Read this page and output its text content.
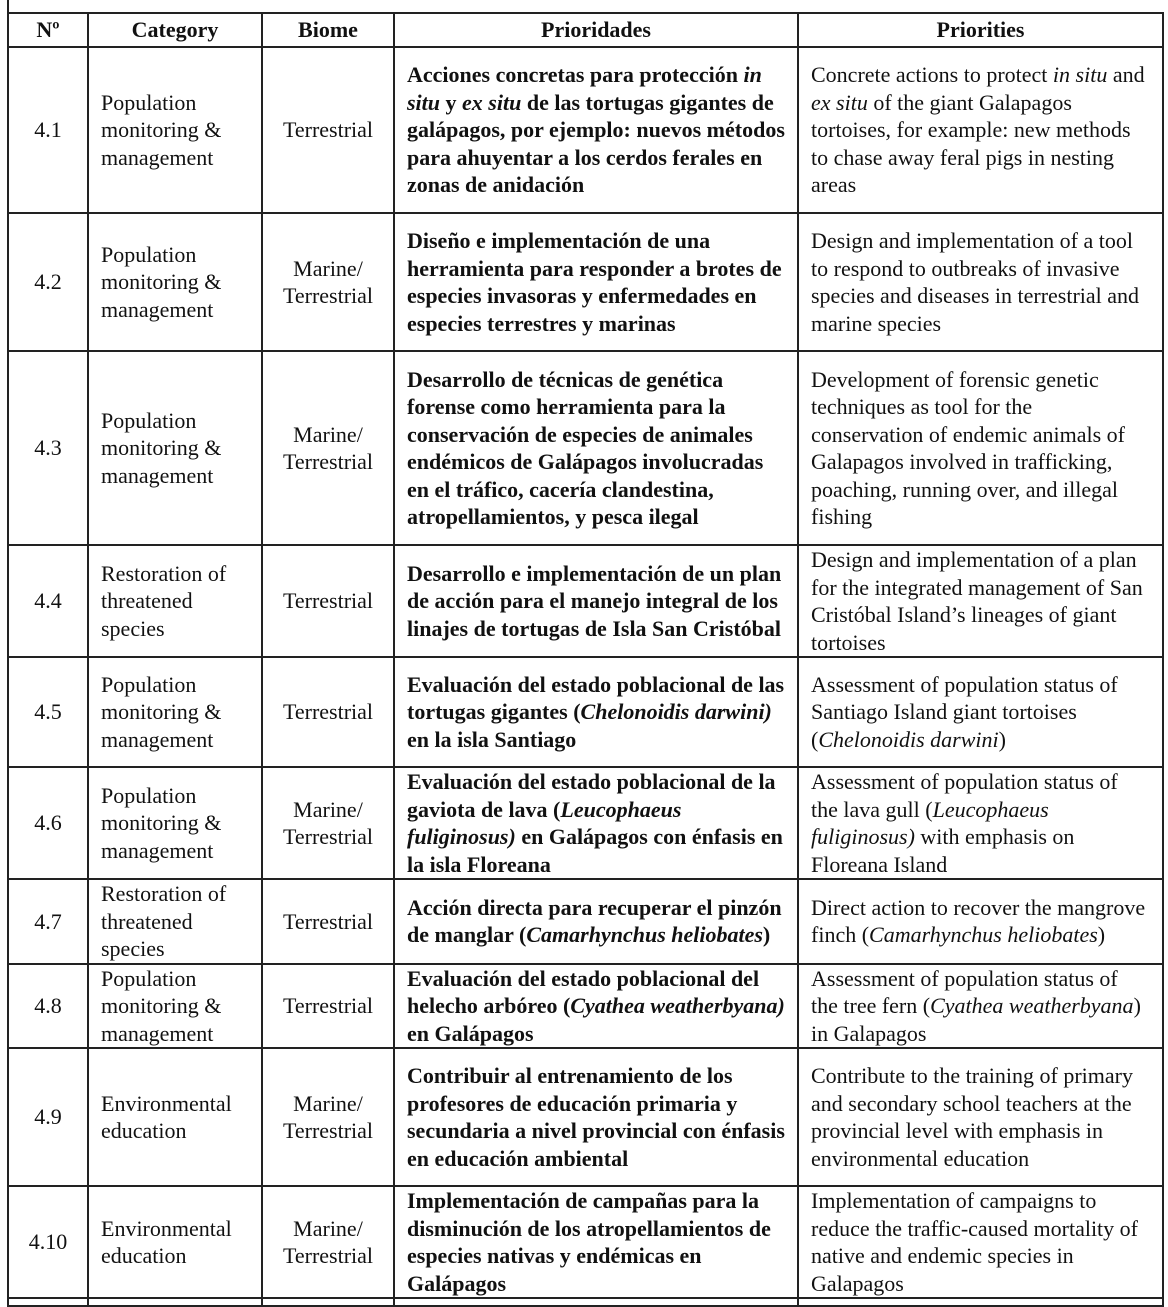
Nº	Category	Biome	Prioridades	Priorities
4.1	Population monitoring & management	Terrestrial	Acciones concretas para protección in situ y ex situ de las tortugas gigantes de galápagos, por ejemplo: nuevos métodos para ahuyentar a los cerdos ferales en zonas de anidación	Concrete actions to protect in situ and ex situ of the giant Galapagos tortoises, for example: new methods to chase away feral pigs in nesting areas
4.2	Population monitoring & management	Marine/ Terrestrial	Diseño e implementación de una herramienta para responder a brotes de especies invasoras y enfermedades en especies terrestres y marinas	Design and implementation of a tool to respond to outbreaks of invasive species and diseases in terrestrial and marine species
4.3	Population monitoring & management	Marine/ Terrestrial	Desarrollo de técnicas de genética forense como herramienta para la conservación de especies de animales endémicos de Galápagos involucradas en el tráfico, cacería clandestina, atropellamientos, y pesca ilegal	Development of forensic genetic techniques as tool for the conservation of endemic animals of Galapagos involved in trafficking, poaching, running over, and illegal fishing
4.4	Restoration of threatened species	Terrestrial	Desarrollo e implementación de un plan de acción para el manejo integral de los linajes de tortugas de Isla San Cristóbal	Design and implementation of a plan for the integrated management of San Cristóbal Island’s lineages of giant tortoises
4.5	Population monitoring & management	Terrestrial	Evaluación del estado poblacional de las tortugas gigantes (Chelonoidis darwini) en la isla Santiago	Assessment of population status of Santiago Island giant tortoises (Chelonoidis darwini)
4.6	Population monitoring & management	Marine/ Terrestrial	Evaluación del estado poblacional de la gaviota de lava (Leucophaeus fuliginosus) en Galápagos con énfasis en la isla Floreana	Assessment of population status of the lava gull (Leucophaeus fuliginosus) with emphasis on Floreana Island
4.7	Restoration of threatened species	Terrestrial	Acción directa para recuperar el pinzón de manglar (Camarhynchus heliobates)	Direct action to recover the mangrove finch (Camarhynchus heliobates)
4.8	Population monitoring & management	Terrestrial	Evaluación del estado poblacional del helecho arbóreo (Cyathea weatherbyana) en Galápagos	Assessment of population status of the tree fern (Cyathea weatherbyana) in Galapagos
4.9	Environmental education	Marine/ Terrestrial	Contribuir al entrenamiento de los profesores de educación primaria y secundaria a nivel provincial con énfasis en educación ambiental	Contribute to the training of primary and secondary school teachers at the provincial level with emphasis in environmental education
4.10	Environmental education	Marine/ Terrestrial	Implementación de campañas para la disminución de los atropellamientos de especies nativas y endémicas en Galápagos	Implementation of campaigns to reduce the traffic-caused mortality of native and endemic species in Galapagos
